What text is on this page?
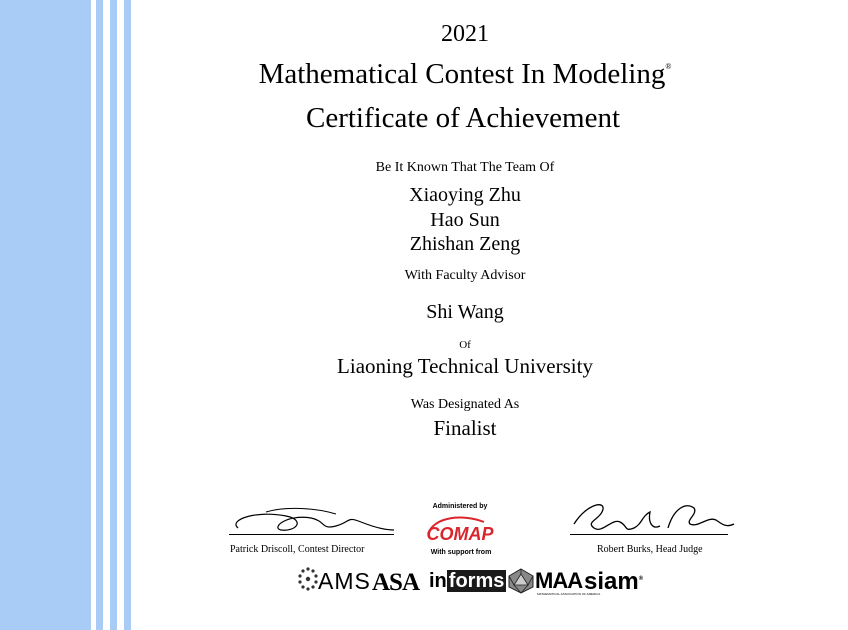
2021
Mathematical Contest In Modeling®
Certificate of Achievement
Be It Known That The Team Of
Xiaoying Zhu
Hao Sun
Zhishan Zeng
With Faculty Advisor
Shi Wang
Of
Liaoning Technical University
Was Designated As
Finalist
Patrick Driscoll, Contest Director	Robert Burks, Head Judge
Administered by
COMAP
With support from
AMS ASA in forms MAA
MATHEMATICAL ASSOCIATION OF AMERICA
siam®
